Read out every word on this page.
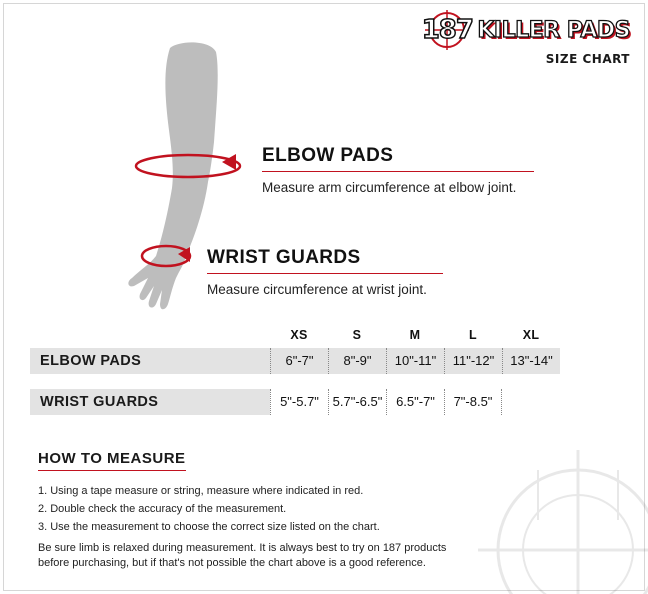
187 KILLER PADS
SIZE CHART
ELBOW PADS
Measure arm circumference at elbow joint.
WRIST GUARDS
Measure circumference at wrist joint.
XS	S	M	L	XL
ELBOW PADS	6"-7"	8"-9"	10"-11"	11"-12"	13"-14"
WRIST GUARDS	5"-5.7"	5.7"-6.5"	6.5"-7"	7"-8.5"
HOW TO MEASURE
1. Using a tape measure or string, measure where indicated in red.
2. Double check the accuracy of the measurement.
3. Use the measurement to choose the correct size listed on the chart.
Be sure limb is relaxed during measurement. It is always best to try on 187 products
before purchasing, but if that's not possible the chart above is a good reference.
